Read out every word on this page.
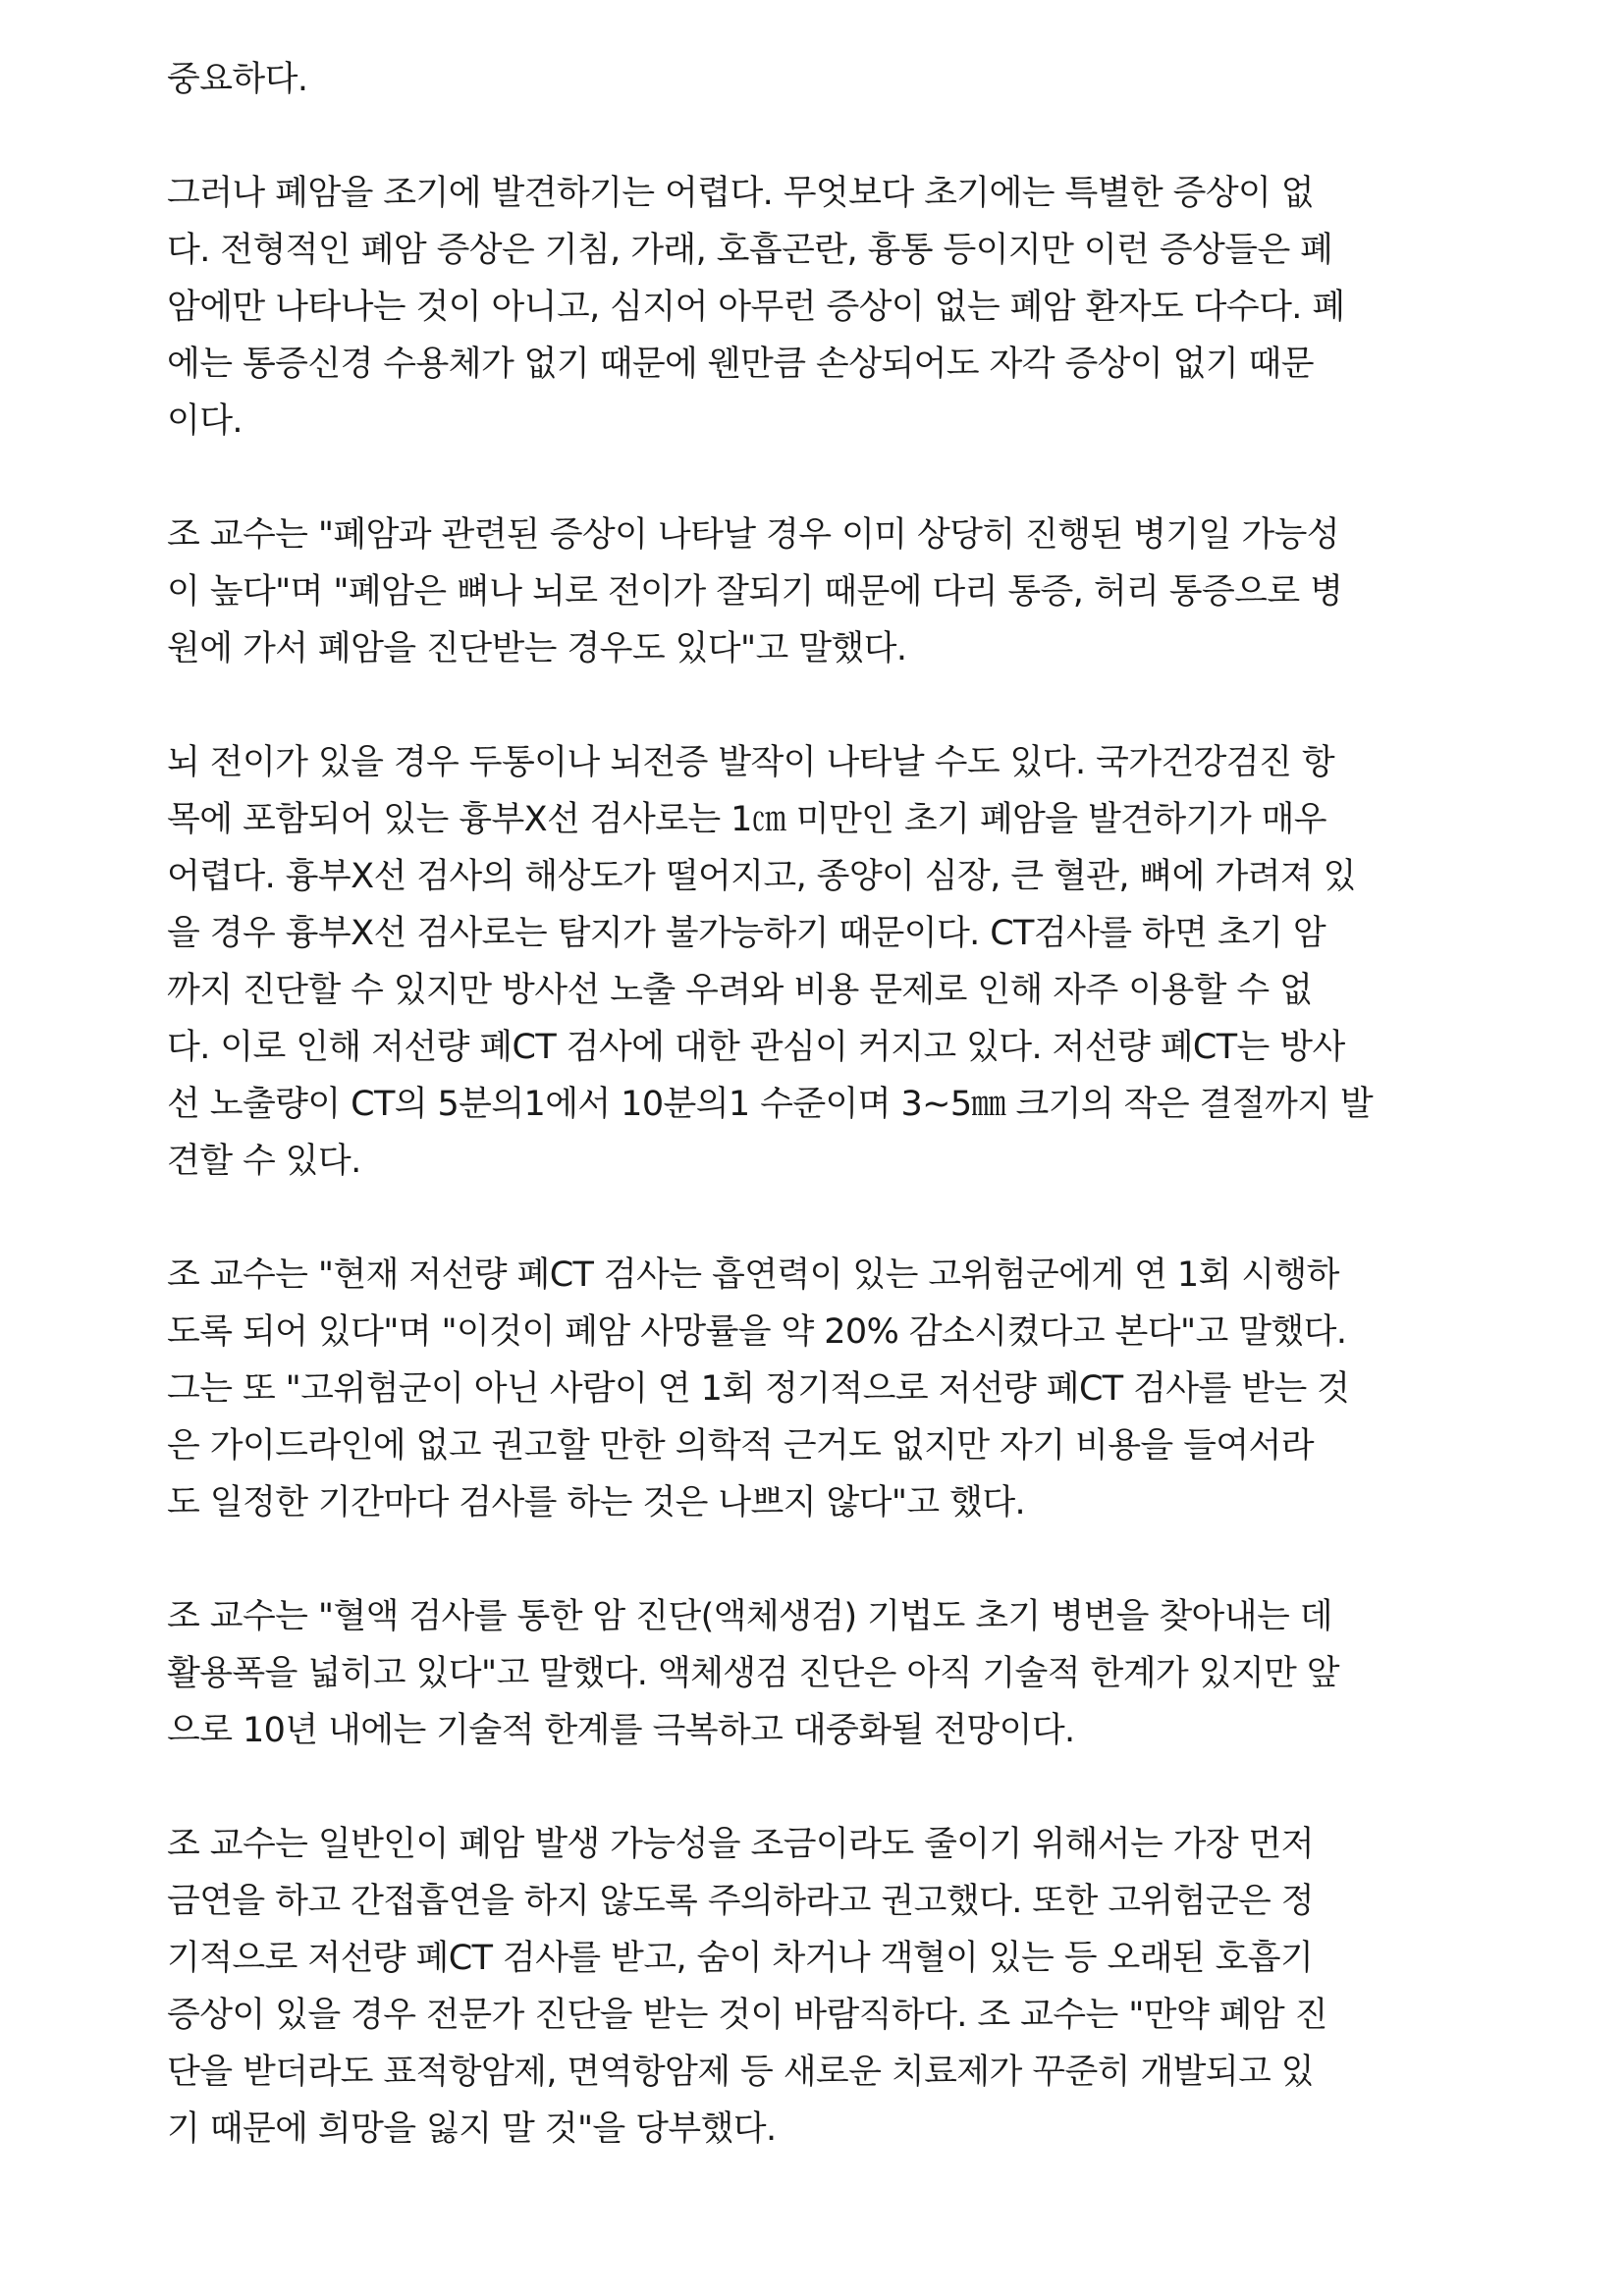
중요하다.
그러나 폐암을 조기에 발견하기는 어렵다. 무엇보다 초기에는 특별한 증상이 없
다. 전형적인 폐암 증상은 기침, 가래, 호흡곤란, 흉통 등이지만 이런 증상들은 폐
암에만 나타나는 것이 아니고, 심지어 아무런 증상이 없는 폐암 환자도 다수다. 폐
에는 통증신경 수용체가 없기 때문에 웬만큼 손상되어도 자각 증상이 없기 때문
이다.
조 교수는 "폐암과 관련된 증상이 나타날 경우 이미 상당히 진행된 병기일 가능성
이 높다"며 "폐암은 뼈나 뇌로 전이가 잘되기 때문에 다리 통증, 허리 통증으로 병
원에 가서 폐암을 진단받는 경우도 있다"고 말했다.
뇌 전이가 있을 경우 두통이나 뇌전증 발작이 나타날 수도 있다. 국가건강검진 항
목에 포함되어 있는 흉부X선 검사로는 1㎝ 미만인 초기 폐암을 발견하기가 매우
어렵다. 흉부X선 검사의 해상도가 떨어지고, 종양이 심장, 큰 혈관, 뼈에 가려져 있
을 경우 흉부X선 검사로는 탐지가 불가능하기 때문이다. CT검사를 하면 초기 암
까지 진단할 수 있지만 방사선 노출 우려와 비용 문제로 인해 자주 이용할 수 없
다. 이로 인해 저선량 폐CT 검사에 대한 관심이 커지고 있다. 저선량 폐CT는 방사
선 노출량이 CT의 5분의1에서 10분의1 수준이며 3~5㎜ 크기의 작은 결절까지 발
견할 수 있다.
조 교수는 "현재 저선량 폐CT 검사는 흡연력이 있는 고위험군에게 연 1회 시행하
도록 되어 있다"며 "이것이 폐암 사망률을 약 20% 감소시켰다고 본다"고 말했다.
그는 또 "고위험군이 아닌 사람이 연 1회 정기적으로 저선량 폐CT 검사를 받는 것
은 가이드라인에 없고 권고할 만한 의학적 근거도 없지만 자기 비용을 들여서라
도 일정한 기간마다 검사를 하는 것은 나쁘지 않다"고 했다.
조 교수는 "혈액 검사를 통한 암 진단(액체생검) 기법도 초기 병변을 찾아내는 데
활용폭을 넓히고 있다"고 말했다. 액체생검 진단은 아직 기술적 한계가 있지만 앞
으로 10년 내에는 기술적 한계를 극복하고 대중화될 전망이다.
조 교수는 일반인이 폐암 발생 가능성을 조금이라도 줄이기 위해서는 가장 먼저
금연을 하고 간접흡연을 하지 않도록 주의하라고 권고했다. 또한 고위험군은 정
기적으로 저선량 폐CT 검사를 받고, 숨이 차거나 객혈이 있는 등 오래된 호흡기
증상이 있을 경우 전문가 진단을 받는 것이 바람직하다. 조 교수는 "만약 폐암 진
단을 받더라도 표적항암제, 면역항암제 등 새로운 치료제가 꾸준히 개발되고 있
기 때문에 희망을 잃지 말 것"을 당부했다.
